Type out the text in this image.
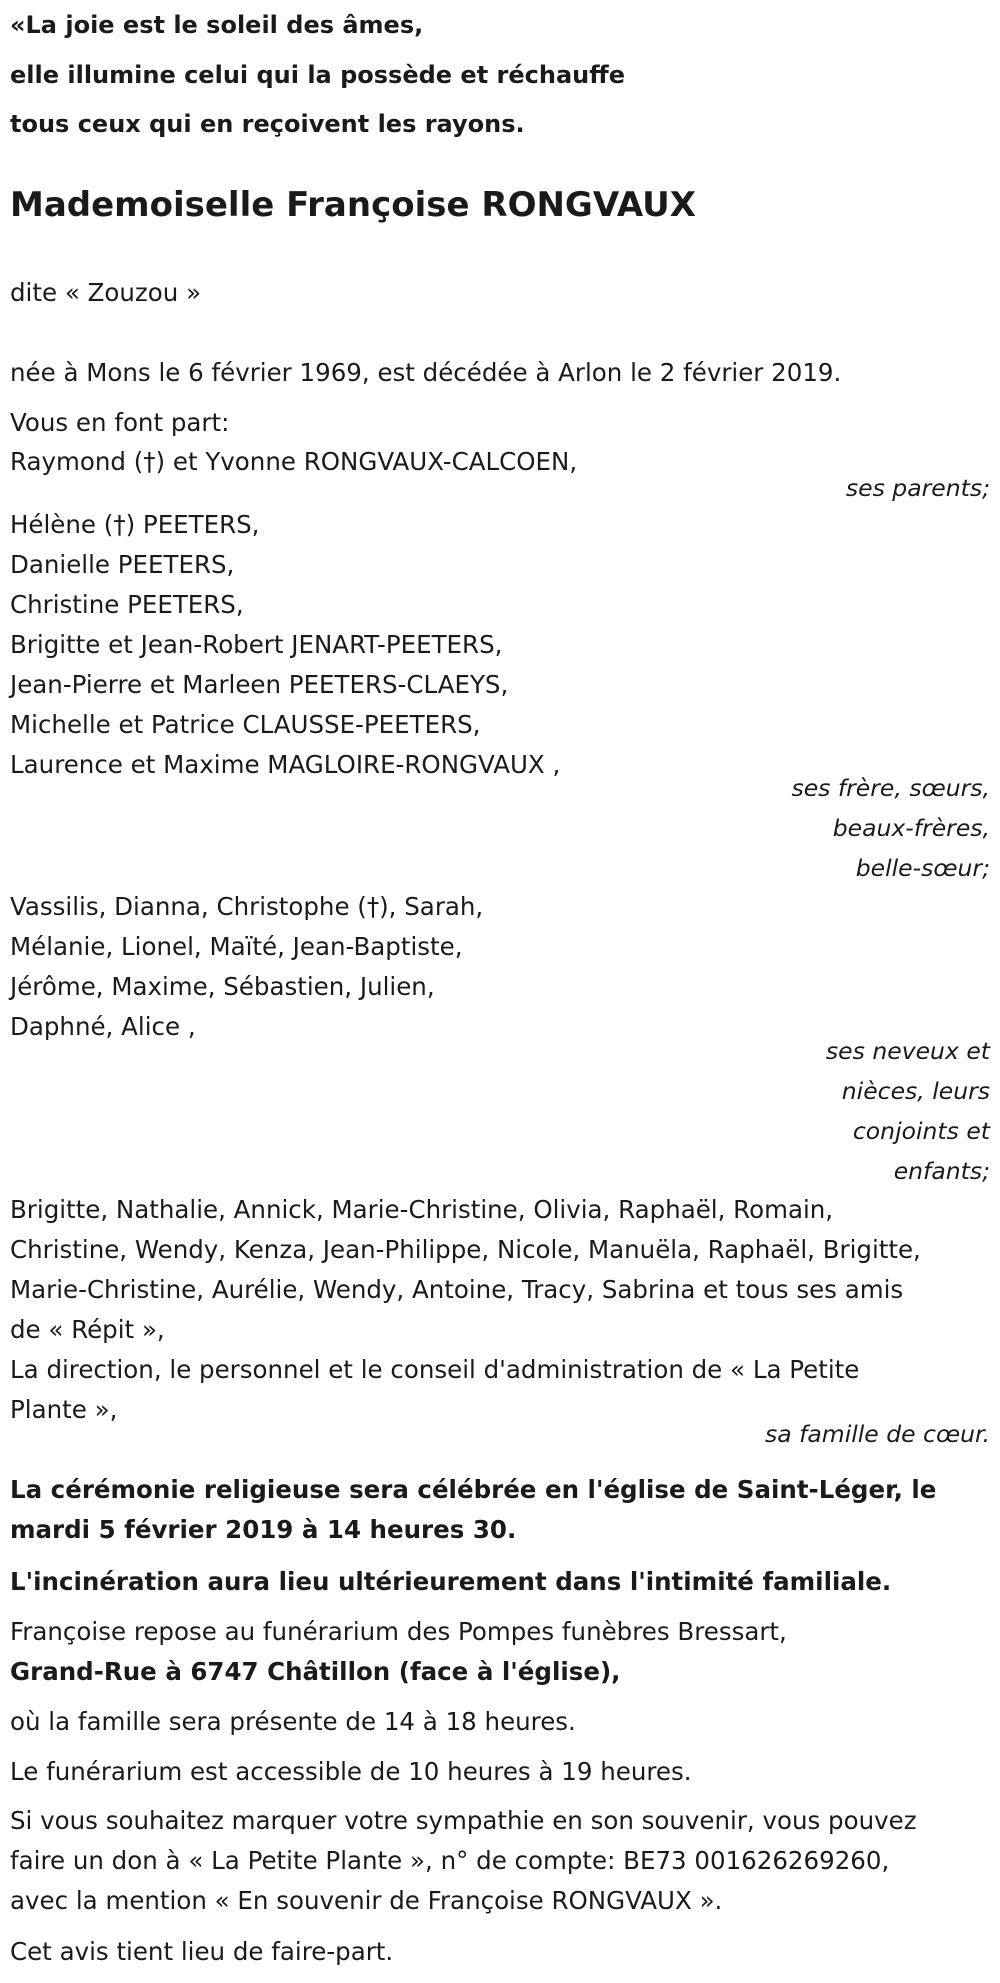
«La joie est le soleil des âmes,
elle illumine celui qui la possède et réchauffe
tous ceux qui en reçoivent les rayons.
Mademoiselle Françoise RONGVAUX
dite « Zouzou »
née à Mons le 6 février 1969, est décédée à Arlon le 2 février 2019.
Vous en font part:
Raymond (†) et Yvonne RONGVAUX-CALCOEN,
ses parents;
Hélène (†) PEETERS,
Danielle PEETERS,
Christine PEETERS,
Brigitte et Jean-Robert JENART-PEETERS,
Jean-Pierre et Marleen PEETERS-CLAEYS,
Michelle et Patrice CLAUSSE-PEETERS,
Laurence et Maxime MAGLOIRE-RONGVAUX ,
ses frère, sœurs,
beaux-frères,
belle-sœur;
Vassilis, Dianna, Christophe (†), Sarah,
Mélanie, Lionel, Maïté, Jean-Baptiste,
Jérôme, Maxime, Sébastien, Julien,
Daphné, Alice ,
ses neveux et
nièces, leurs
conjoints et
enfants;
Brigitte, Nathalie, Annick, Marie-Christine, Olivia, Raphaël, Romain,
Christine, Wendy, Kenza, Jean-Philippe, Nicole, Manuëla, Raphaël, Brigitte,
Marie-Christine, Aurélie, Wendy, Antoine, Tracy, Sabrina et tous ses amis
de « Répit »,
La direction, le personnel et le conseil d'administration de « La Petite
Plante »,
sa famille de cœur.
La cérémonie religieuse sera célébrée en l'église de Saint-Léger, le
mardi 5 février 2019 à 14 heures 30.
L'incinération aura lieu ultérieurement dans l'intimité familiale.
Françoise repose au funérarium des Pompes funèbres Bressart,
Grand-Rue à 6747 Châtillon (face à l'église),
où la famille sera présente de 14 à 18 heures.
Le funérarium est accessible de 10 heures à 19 heures.
Si vous souhaitez marquer votre sympathie en son souvenir, vous pouvez
faire un don à « La Petite Plante », n° de compte: BE73 001626269260,
avec la mention « En souvenir de Françoise RONGVAUX ».
Cet avis tient lieu de faire-part.
